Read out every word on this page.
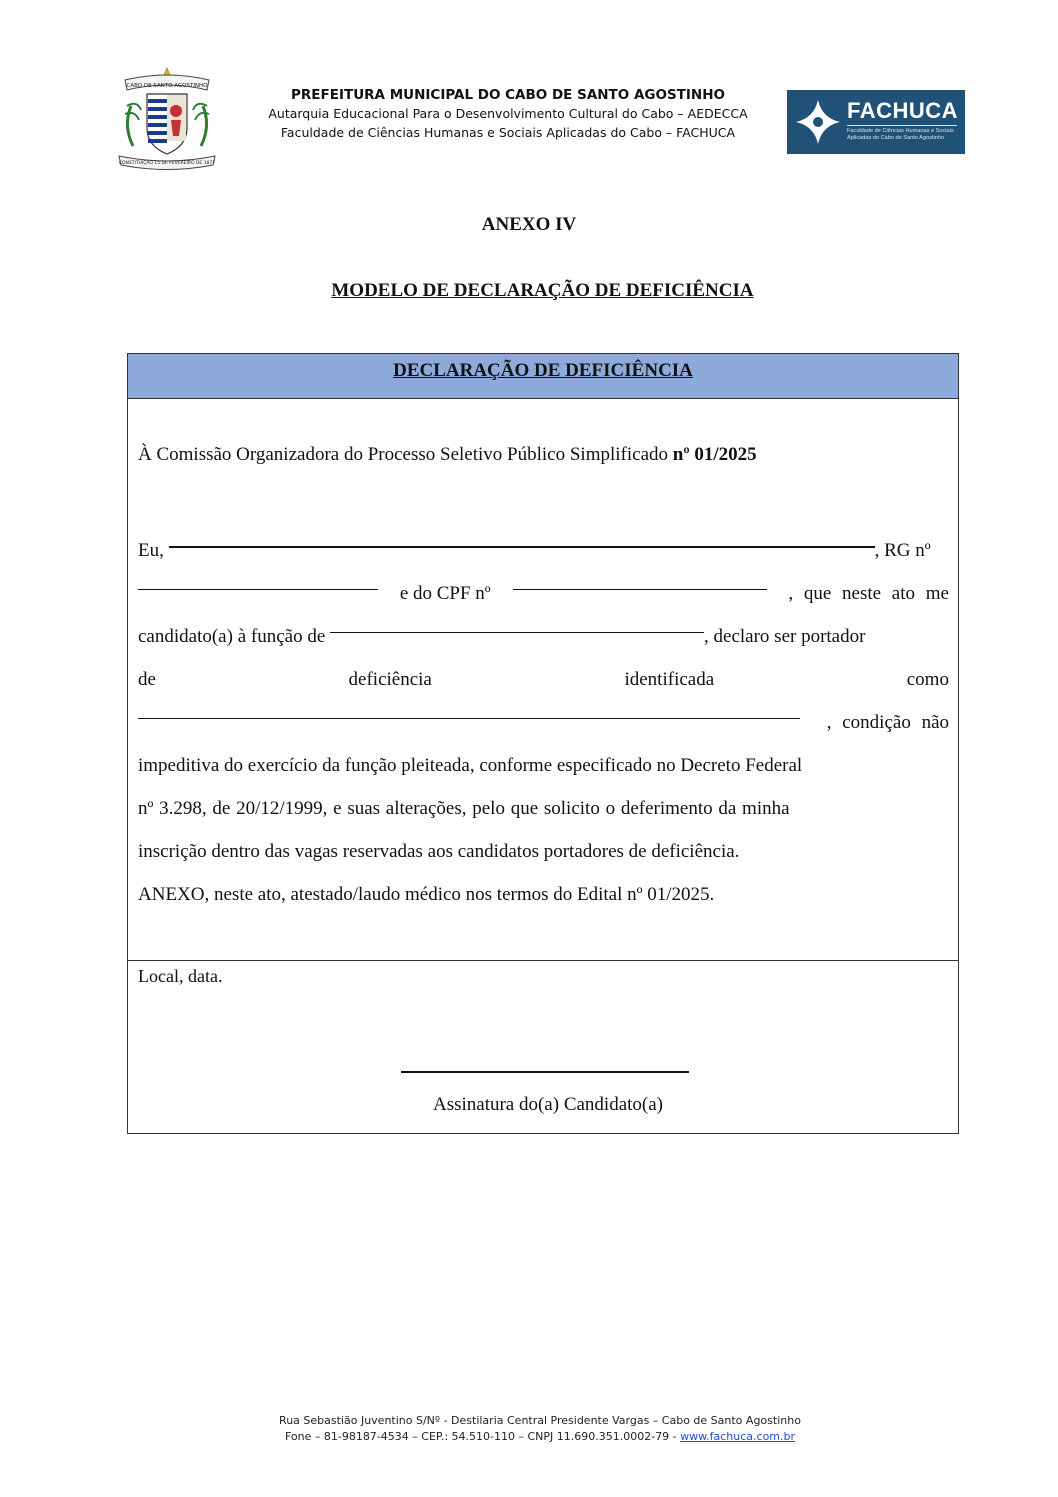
CABO DE SANTO AGOSTINHO
CONSTITUIÇÃO 15 DE FEVEREIRO DE 1877
PREFEITURA MUNICIPAL DO CABO DE SANTO AGOSTINHO
Autarquia Educacional Para o Desenvolvimento Cultural do Cabo – AEDECCA
Faculdade de Ciências Humanas e Sociais Aplicadas do Cabo – FACHUCA
FACHUCA
Faculdade de Ciências Humanas e Sociais Aplicadas do Cabo de Santo Agostinho
ANEXO IV
MODELO DE DECLARAÇÃO DE DEFICIÊNCIA
DECLARAÇÃO DE DEFICIÊNCIA
À Comissão Organizadora do Processo Seletivo Público Simplificado nº 01/2025
Eu,
	, RG nº
e do CPF nº	, que neste ato me
candidato(a) à função de
	, declaro ser portador
de	deficiência	identificada	como
, condição não
impeditiva do exercício da função pleiteada, conforme especificado no Decreto Federal
nº 3.298, de 20/12/1999, e suas alterações, pelo que solicito o deferimento da minha
inscrição dentro das vagas reservadas aos candidatos portadores de deficiência.
ANEXO, neste ato, atestado/laudo médico nos termos do Edital nº 01/2025.
Local, data.
Assinatura do(a) Candidato(a)
Rua Sebastião Juventino S/Nº - Destilaria Central Presidente Vargas – Cabo de Santo Agostinho
Fone – 81-98187-4534 – CEP.: 54.510-110 – CNPJ 11.690.351.0002-79 - www.fachuca.com.br
